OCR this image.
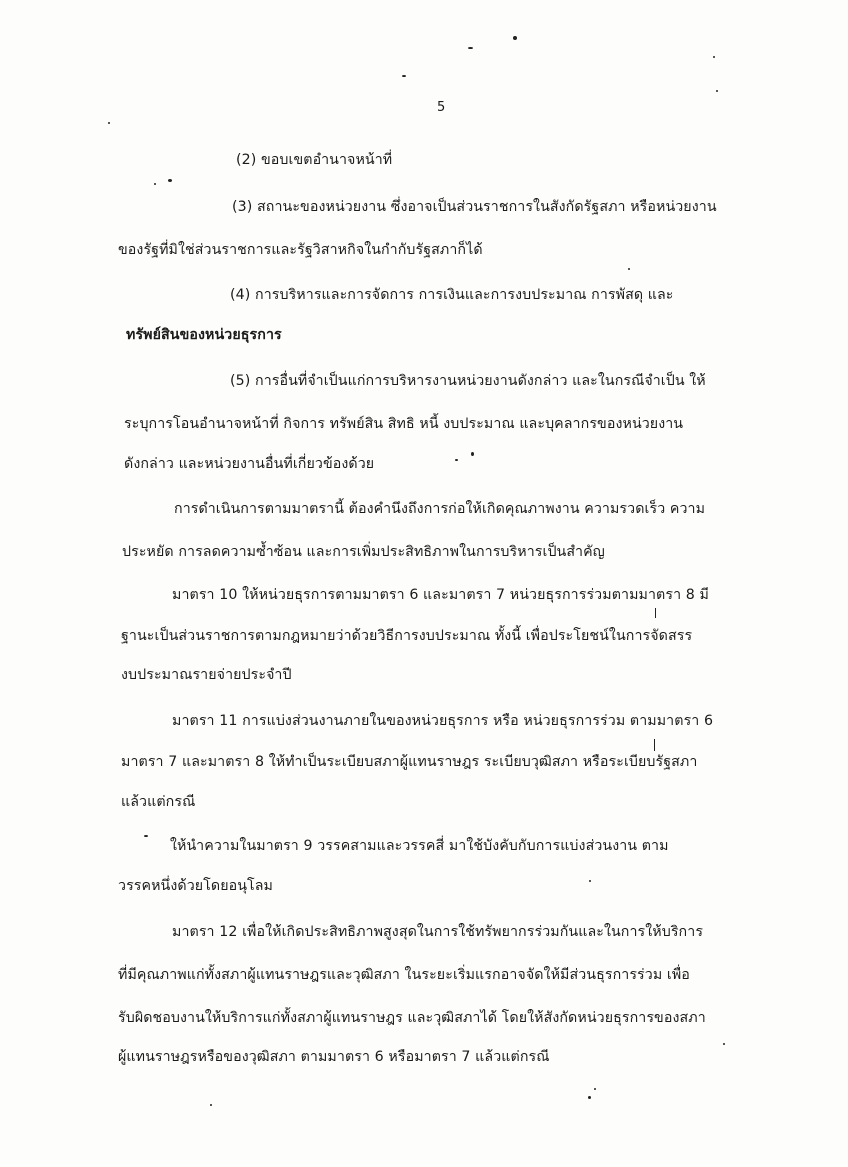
5
(2) ขอบเขตอำนาจหน้าที่
(3) สถานะของหน่วยงาน ซึ่งอาจเป็นส่วนราชการในสังกัดรัฐสภา หรือหน่วยงาน
ของรัฐที่มิใช่ส่วนราชการและรัฐวิสาหกิจในกำกับรัฐสภาก็ได้
(4) การบริหารและการจัดการ การเงินและการงบประมาณ การพัสดุ และ
ทรัพย์สินของหน่วยธุรการ
(5) การอื่นที่จำเป็นแก่การบริหารงานหน่วยงานดังกล่าว และในกรณีจำเป็น ให้
ระบุการโอนอำนาจหน้าที่ กิจการ ทรัพย์สิน สิทธิ หนี้ งบประมาณ และบุคลากรของหน่วยงาน
ดังกล่าว และหน่วยงานอื่นที่เกี่ยวข้องด้วย
การดำเนินการตามมาตรานี้ ต้องคำนึงถึงการก่อให้เกิดคุณภาพงาน ความรวดเร็ว ความ
ประหยัด การลดความซ้ำซ้อน และการเพิ่มประสิทธิภาพในการบริหารเป็นสำคัญ
มาตรา 10 ให้หน่วยธุรการตามมาตรา 6 และมาตรา 7 หน่วยธุรการร่วมตามมาตรา 8 มี
ฐานะเป็นส่วนราชการตามกฎหมายว่าด้วยวิธีการงบประมาณ ทั้งนี้ เพื่อประโยชน์ในการจัดสรร
งบประมาณรายจ่ายประจำปี
มาตรา 11 การแบ่งส่วนงานภายในของหน่วยธุรการ หรือ หน่วยธุรการร่วม ตามมาตรา 6
มาตรา 7 และมาตรา 8 ให้ทำเป็นระเบียบสภาผู้แทนราษฎร ระเบียบวุฒิสภา หรือระเบียบรัฐสภา
แล้วแต่กรณี
ให้นำความในมาตรา 9 วรรคสามและวรรคสี่ มาใช้บังคับกับการแบ่งส่วนงาน ตาม
วรรคหนึ่งด้วยโดยอนุโลม
มาตรา 12 เพื่อให้เกิดประสิทธิภาพสูงสุดในการใช้ทรัพยากรร่วมกันและในการให้บริการ
ที่มีคุณภาพแก่ทั้งสภาผู้แทนราษฎรและวุฒิสภา ในระยะเริ่มแรกอาจจัดให้มีส่วนธุรการร่วม เพื่อ
รับผิดชอบงานให้บริการแก่ทั้งสภาผู้แทนราษฎร และวุฒิสภาได้ โดยให้สังกัดหน่วยธุรการของสภา
ผู้แทนราษฎรหรือของวุฒิสภา ตามมาตรา 6 หรือมาตรา 7 แล้วแต่กรณี
